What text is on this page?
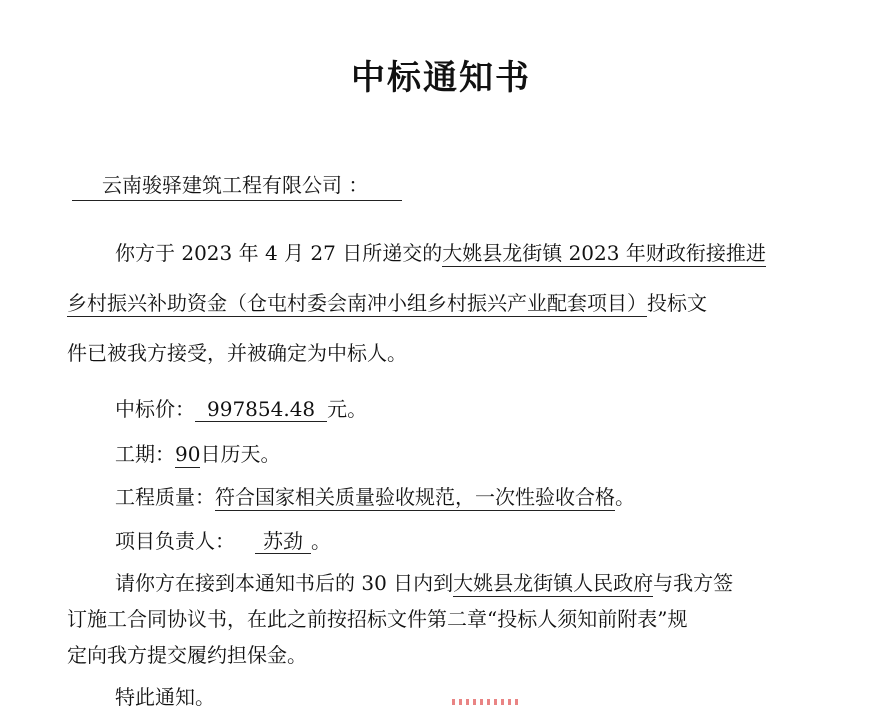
中标通知书
云南骏驿建筑工程有限公司 ：
你方于 2023 年 4 月 27 日所递交的大姚县龙街镇 2023 年财政衔接推进
乡村振兴补助资金（仓屯村委会南冲小组乡村振兴产业配套项目）投标文
件已被我方接受，并被确定为中标人。
中标价： 997854.48 元。
工期：90日历天。
工程质量：符合国家相关质量验收规范，一次性验收合格。
项目负责人： 苏劲 。
请你方在接到本通知书后的 30 日内到大姚县龙街镇人民政府与我方签
订施工合同协议书，在此之前按招标文件第二章“投标人须知前附表”规
定向我方提交履约担保金。
特此通知。
